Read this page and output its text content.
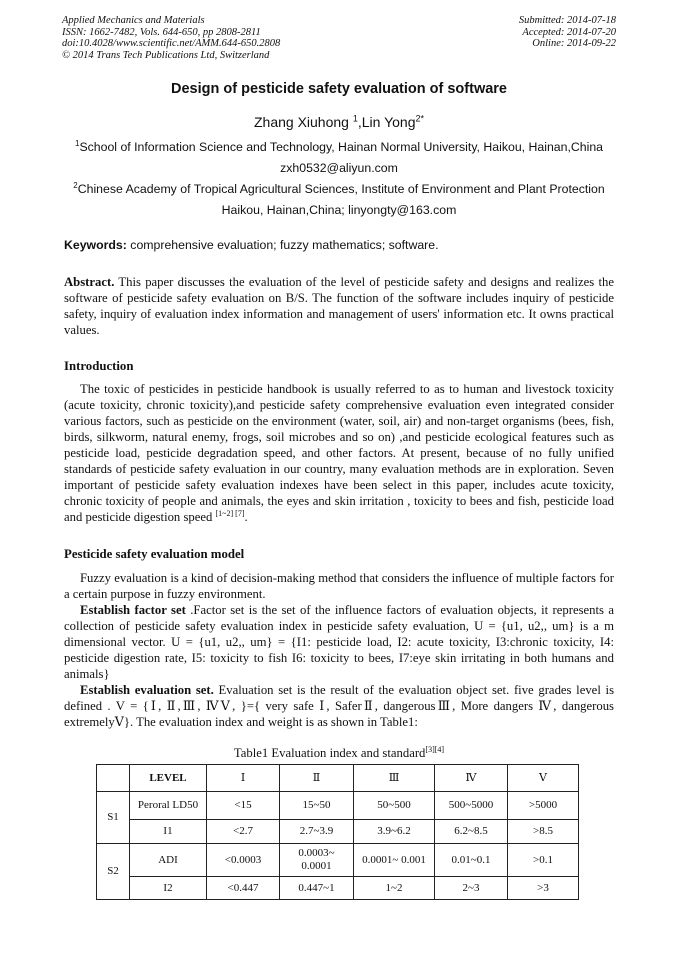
Applied Mechanics and Materials
ISSN: 1662-7482, Vols. 644-650, pp 2808-2811
doi:10.4028/www.scientific.net/AMM.644-650.2808
© 2014 Trans Tech Publications Ltd, Switzerland
Submitted: 2014-07-18
Accepted: 2014-07-20
Online: 2014-09-22
Design of pesticide safety evaluation of software
Zhang Xiuhong $^1$,Lin Yong$^{2*}$
$^1$School of Information Science and Technology, Hainan Normal University, Haikou, Hainan,China
zxh0532@aliyun.com
$^2$Chinese Academy of Tropical Agricultural Sciences, Institute of Environment and Plant Protection
Haikou, Hainan,China; linyongty@163.com
Keywords: comprehensive evaluation; fuzzy mathematics; software.
Abstract. This paper discusses the evaluation of the level of pesticide safety and designs and realizes the software of pesticide safety evaluation on B/S. The function of the software includes inquiry of pesticide safety, inquiry of evaluation index information and management of users' information etc. It owns practical values.
Introduction
The toxic of pesticides in pesticide handbook is usually referred to as to human and livestock toxicity (acute toxicity, chronic toxicity),and pesticide safety comprehensive evaluation even integrated consider various factors, such as pesticide on the environment (water, soil, air) and non-target organisms (bees, fish, birds, silkworm, natural enemy, frogs, soil microbes and so on) ,and pesticide ecological features such as pesticide load, pesticide degradation speed, and other factors. At present, because of no fully unified standards of pesticide safety evaluation in our country, many evaluation methods are in exploration. Seven important of pesticide safety evaluation indexes have been select in this paper, includes acute toxicity, chronic toxicity of people and animals, the eyes and skin irritation , toxicity to bees and fish, pesticide load and pesticide digestion speed [1~2] [7].
Pesticide safety evaluation model

Fuzzy evaluation is a kind of decision-making method that considers the influence of multiple factors for a certain purpose in fuzzy environment.

Establish factor set .Factor set is the set of the influence factors of evaluation objects, it represents a collection of pesticide safety evaluation index in pesticide safety evaluation, U = {u1, u2,, um} is a m dimensional vector. U = {u1, u2,, um} = {I1: pesticide load, I2: acute toxicity, I3:chronic toxicity, I4: pesticide digestion rate, I5: toxicity to fish I6: toxicity to bees, I7:eye skin irritating in both humans and animals}

Establish evaluation set. Evaluation set is the result of the evaluation object set. five grades level is defined . V = {Ⅰ, Ⅱ,Ⅲ, ⅣⅤ, }={ very safe Ⅰ, SaferⅡ, dangerousⅢ, More dangers Ⅳ, dangerous extremelyⅤ}. The evaluation index and weight is as shown in Table1:

Table1 Evaluation index and standard[3][4]
	LEVEL	Ⅰ	Ⅱ	Ⅲ	Ⅳ	Ⅴ
S1	Peroral LD50	<15	15~50	50~500	500~5000	>5000
	I1	<2.7	2.7~3.9	3.9~6.2	6.2~8.5	>8.5
S2	ADI	<0.0003	0.0003~ 0.0001	0.0001~ 0.001	0.01~0.1	>0.1
	I2	<0.447	0.447~1	1~2	2~3	>3
